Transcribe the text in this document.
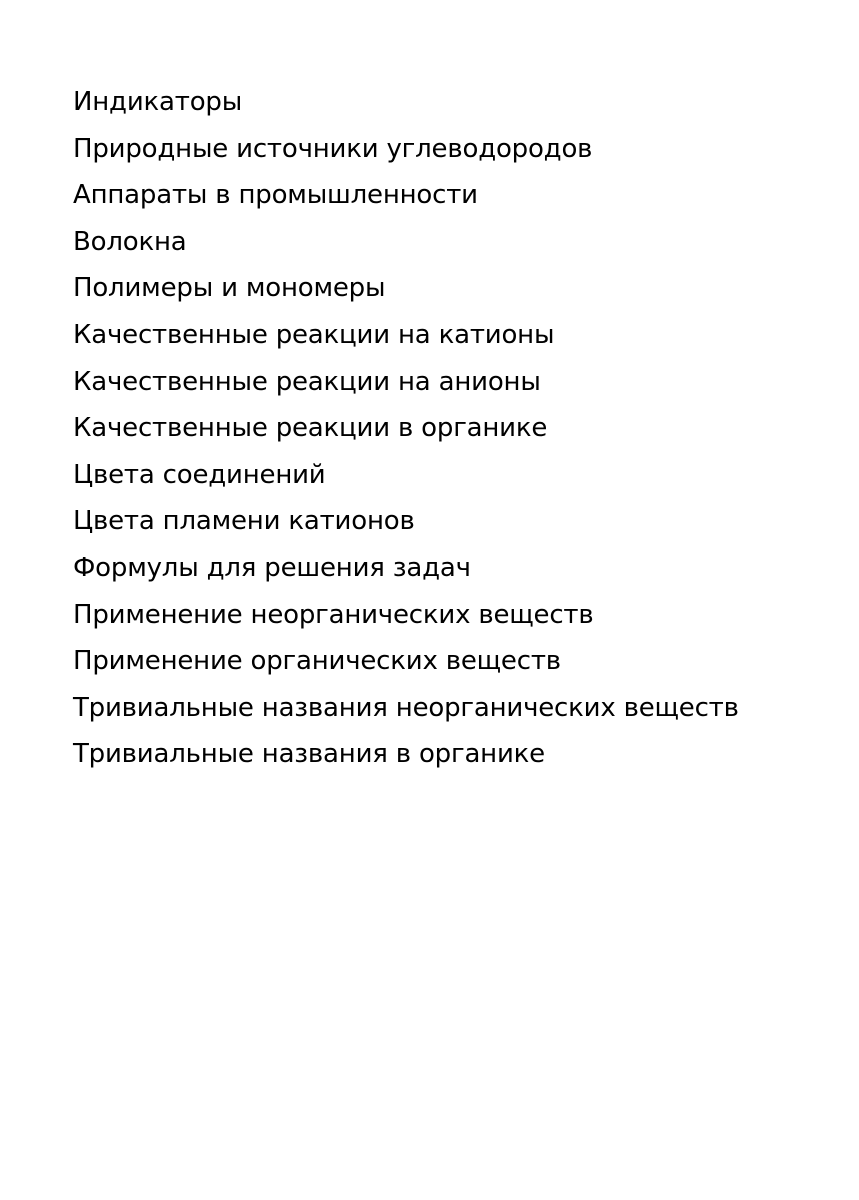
Индикаторы
Природные источники углеводородов
Аппараты в промышленности
Волокна
Полимеры и мономеры
Качественные реакции на катионы
Качественные реакции на анионы
Качественные реакции в органике
Цвета соединений
Цвета пламени катионов
Формулы для решения задач
Применение неорганических веществ
Применение органических веществ
Тривиальные названия неорганических веществ
Тривиальные названия в органике
